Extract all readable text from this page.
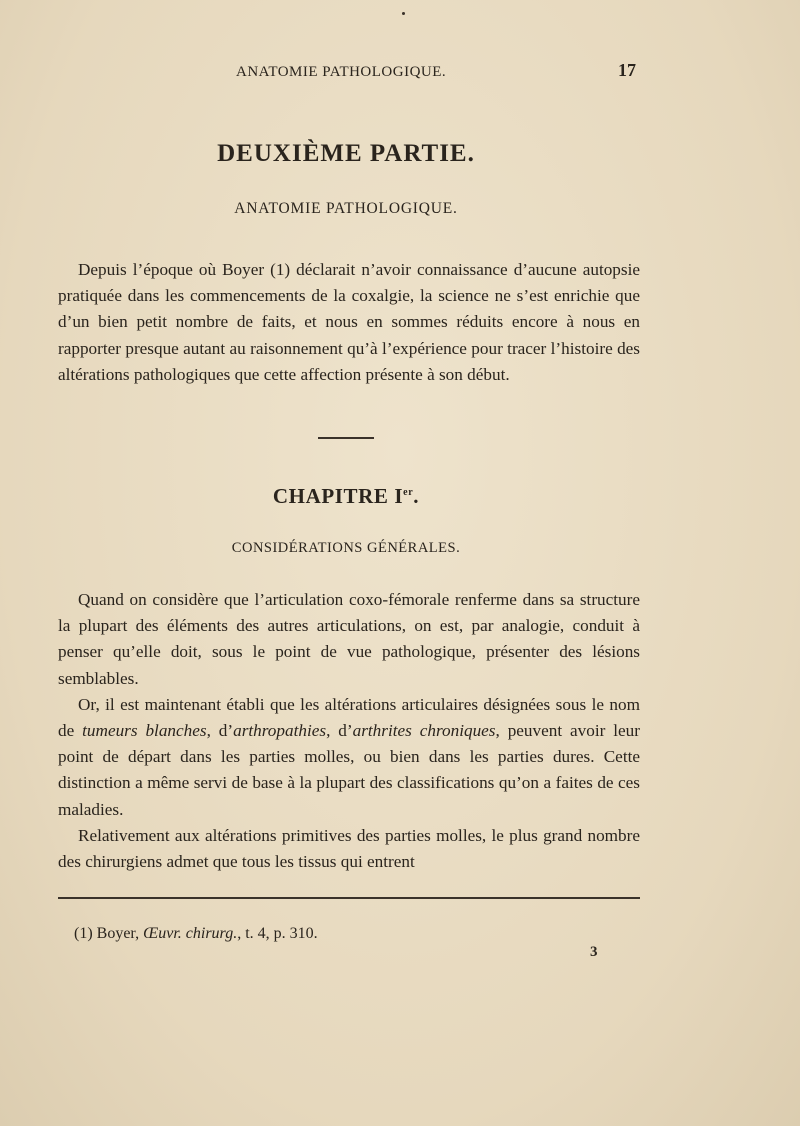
ANATOMIE PATHOLOGIQUE.	17
DEUXIÈME PARTIE.
ANATOMIE PATHOLOGIQUE.

Depuis l’époque où Boyer (1) déclarait n’avoir connaissance d’aucune autopsie pratiquée dans les commencements de la coxalgie, la science ne s’est enrichie que d’un bien petit nombre de faits, et nous en sommes réduits encore à nous en rapporter presque autant au raisonnement qu’à l’expérience pour tracer l’histoire des altérations pathologiques que cette affection présente à son début.

CHAPITRE Ier.
CONSIDÉRATIONS GÉNÉRALES.

Quand on considère que l’articulation coxo-fémorale renferme dans sa structure la plupart des éléments des autres articulations, on est, par analogie, conduit à penser qu’elle doit, sous le point de vue pathologique, présenter des lésions semblables.

Or, il est maintenant établi que les altérations articulaires désignées sous le nom de tumeurs blanches, d’arthropathies, d’arthrites chroniques, peuvent avoir leur point de départ dans les parties molles, ou bien dans les parties dures. Cette distinction a même servi de base à la plupart des classifications qu’on a faites de ces maladies.

Relativement aux altérations primitives des parties molles, le plus grand nombre des chirurgiens admet que tous les tissus qui entrent

(1) Boyer, Œuvr. chirurg., t. 4, p. 310.
3
